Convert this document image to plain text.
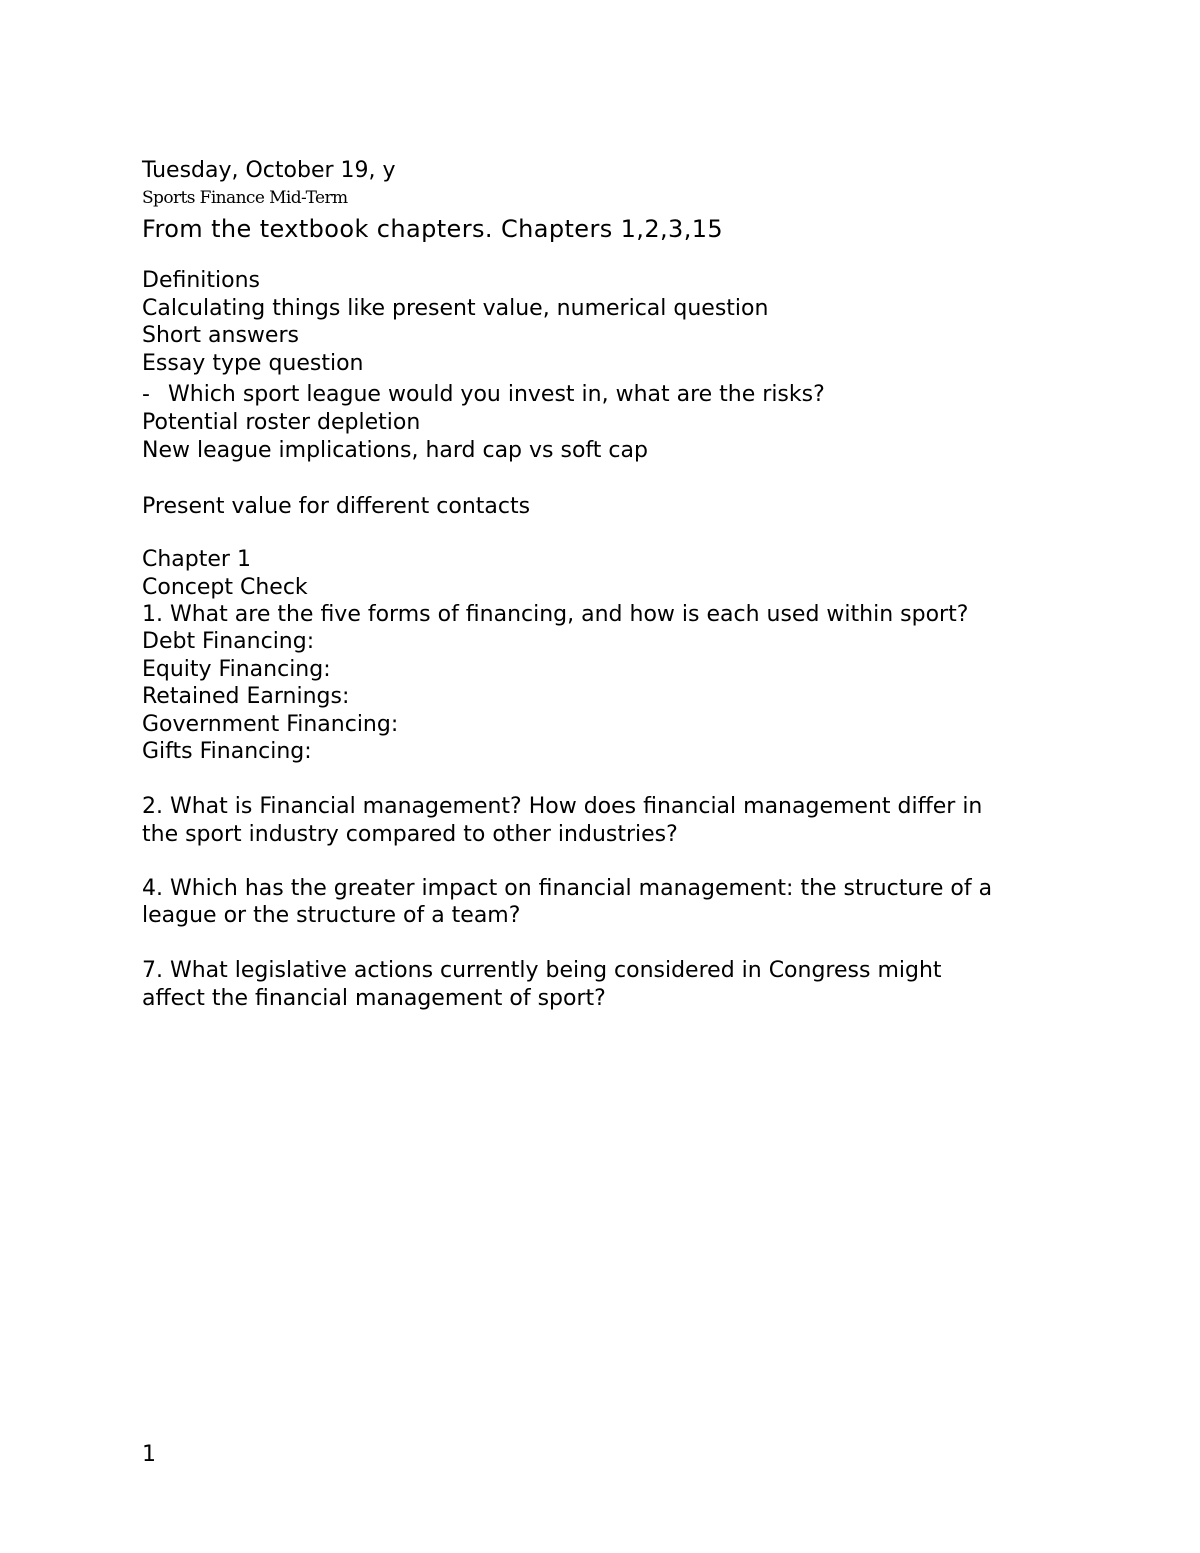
Tuesday, October 19, y
Sports Finance Mid-Term
From the textbook chapters. Chapters 1,2,3,15
Definitions
Calculating things like present value, numerical question
Short answers
Essay type question
- Which sport league would you invest in, what are the risks?
Potential roster depletion
New league implications, hard cap vs soft cap
Present value for different contacts
Chapter 1
Concept Check
1. What are the five forms of financing, and how is each used within sport?
Debt Financing:
Equity Financing:
Retained Earnings:
Government Financing:
Gifts Financing:
2. What is Financial management? How does financial management differ in
the sport industry compared to other industries?
4. Which has the greater impact on financial management: the structure of a
league or the structure of a team?
7. What legislative actions currently being considered in Congress might
affect the financial management of sport?
1
